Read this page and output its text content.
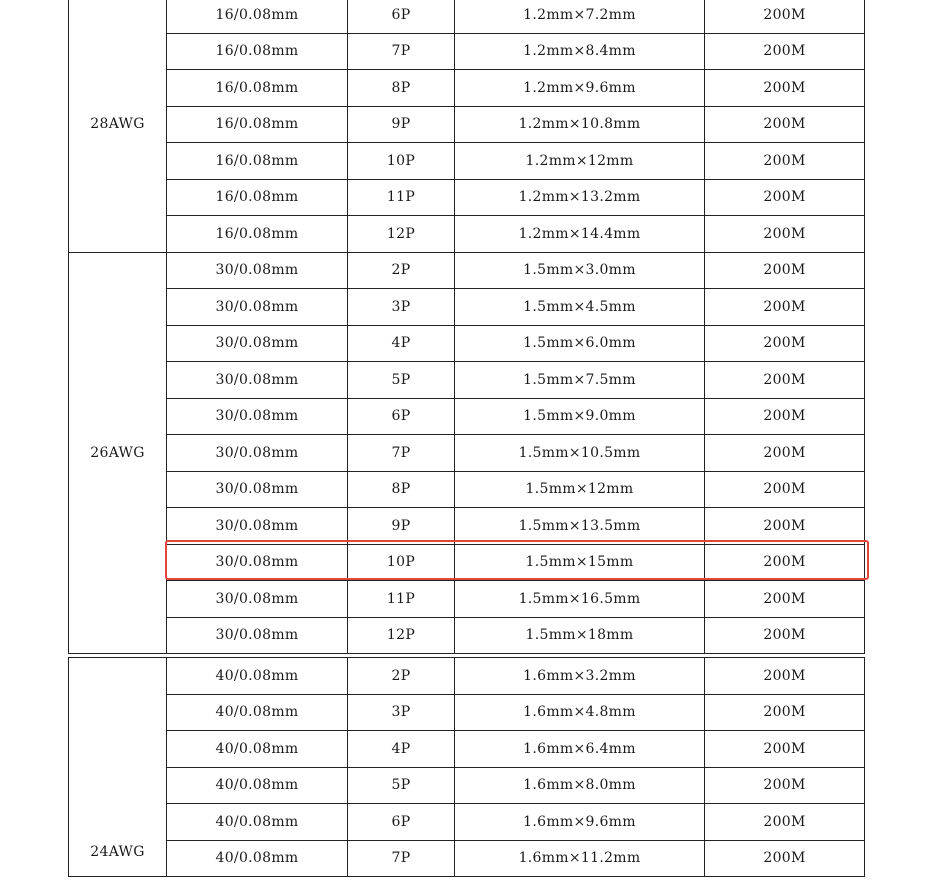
28AWG	16/0.08mm	6P	1.2mm×7.2mm	200M
	16/0.08mm	7P	1.2mm×8.4mm	200M
	16/0.08mm	8P	1.2mm×9.6mm	200M
	16/0.08mm	9P	1.2mm×10.8mm	200M
	16/0.08mm	10P	1.2mm×12mm	200M
	16/0.08mm	11P	1.2mm×13.2mm	200M
	16/0.08mm	12P	1.2mm×14.4mm	200M
26AWG	30/0.08mm	2P	1.5mm×3.0mm	200M
	30/0.08mm	3P	1.5mm×4.5mm	200M
	30/0.08mm	4P	1.5mm×6.0mm	200M
	30/0.08mm	5P	1.5mm×7.5mm	200M
	30/0.08mm	6P	1.5mm×9.0mm	200M
	30/0.08mm	7P	1.5mm×10.5mm	200M
	30/0.08mm	8P	1.5mm×12mm	200M
	30/0.08mm	9P	1.5mm×13.5mm	200M
	30/0.08mm	10P	1.5mm×15mm	200M
	30/0.08mm	11P	1.5mm×16.5mm	200M
	30/0.08mm	12P	1.5mm×18mm	200M

24AWG	40/0.08mm	2P	1.6mm×3.2mm	200M
	40/0.08mm	3P	1.6mm×4.8mm	200M
	40/0.08mm	4P	1.6mm×6.4mm	200M
	40/0.08mm	5P	1.6mm×8.0mm	200M
	40/0.08mm	6P	1.6mm×9.6mm	200M
	40/0.08mm	7P	1.6mm×11.2mm	200M
